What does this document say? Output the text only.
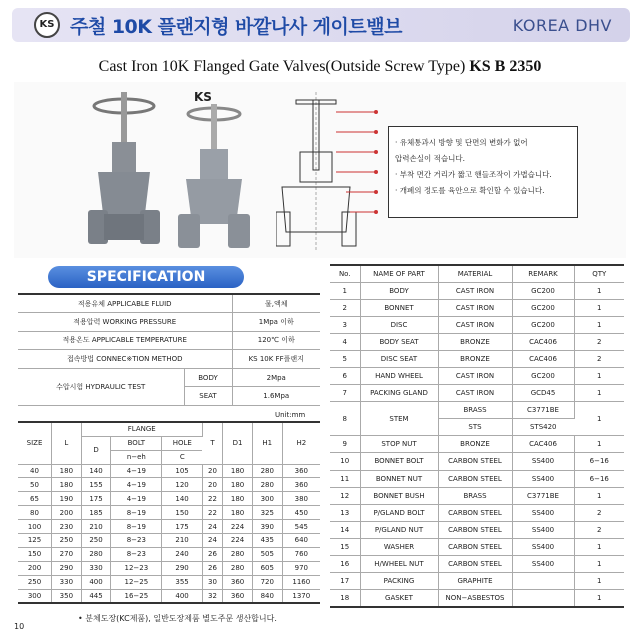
KS 주철 10K 플랜지형 바깥나사 게이트밸브	KOREA DHV
Cast Iron 10K Flanged Gate Valves(Outside Screw Type) KS B 2350
KS
· 유체통과시 방향 및 단면의 변화가 없어
압력손실이 적습니다.
· 부착 면간 거리가 짧고 핸들조작이 가볍습니다.
· 개폐의 정도를 육안으로 확인할 수 있습니다.
SPECIFICATION
적용유체 APPLICABLE FLUID		물,액체
적용압력 WORKING PRESSURE		1Mpa 이하
적용온도 APPLICABLE TEMPERATURE		120℃ 이하
접속방법 CONNEC※TION METHOD		KS 10K FF플랜지
수압시험 HYDRAULIC TEST	BODY	2Mpa
	SEAT	1.6Mpa
Unit:mm
SIZE	L	FLANGE			T	D1	H1	H2
		D	BOLT	HOLE				
			n−eh	C				
40	180	140	4−19	105	20	180	280	360
50	180	155	4−19	120	20	180	280	360
65	190	175	4−19	140	22	180	300	380
80	200	185	8−19	150	22	180	325	450
100	230	210	8−19	175	24	224	390	545
125	250	250	8−23	210	24	224	435	640
150	270	280	8−23	240	26	280	505	760
200	290	330	12−23	290	26	280	605	970
250	330	400	12−25	355	30	360	720	1160
300	350	445	16−25	400	32	360	840	1370
No.	NAME OF PART	MATERIAL	REMARK	QTY
1	BODY	CAST IRON	GC200	1
2	BONNET	CAST IRON	GC200	1
3	DISC	CAST IRON	GC200	1
4	BODY SEAT	BRONZE	CAC406	2
5	DISC SEAT	BRONZE	CAC406	2
6	HAND WHEEL	CAST IRON	GC200	1
7	PACKING GLAND	CAST IRON	GCD45	1
8	STEM	BRASS	C3771BE	1
		STS	STS420	
9	STOP NUT	BRONZE	CAC406	1
10	BONNET BOLT	CARBON STEEL	SS400	6−16
11	BONNET NUT	CARBON STEEL	SS400	6−16
12	BONNET BUSH	BRASS	C3771BE	1
13	P/GLAND BOLT	CARBON STEEL	SS400	2
14	P/GLAND NUT	CARBON STEEL	SS400	2
15	WASHER	CARBON STEEL	SS400	1
16	H/WHEEL NUT	CARBON STEEL	SS400	1
17	PACKING	GRAPHITE		1
18	GASKET	NON−ASBESTOS		1
• 분체도장(KC제품), 일반도장제품 별도주문 생산합니다.
10
